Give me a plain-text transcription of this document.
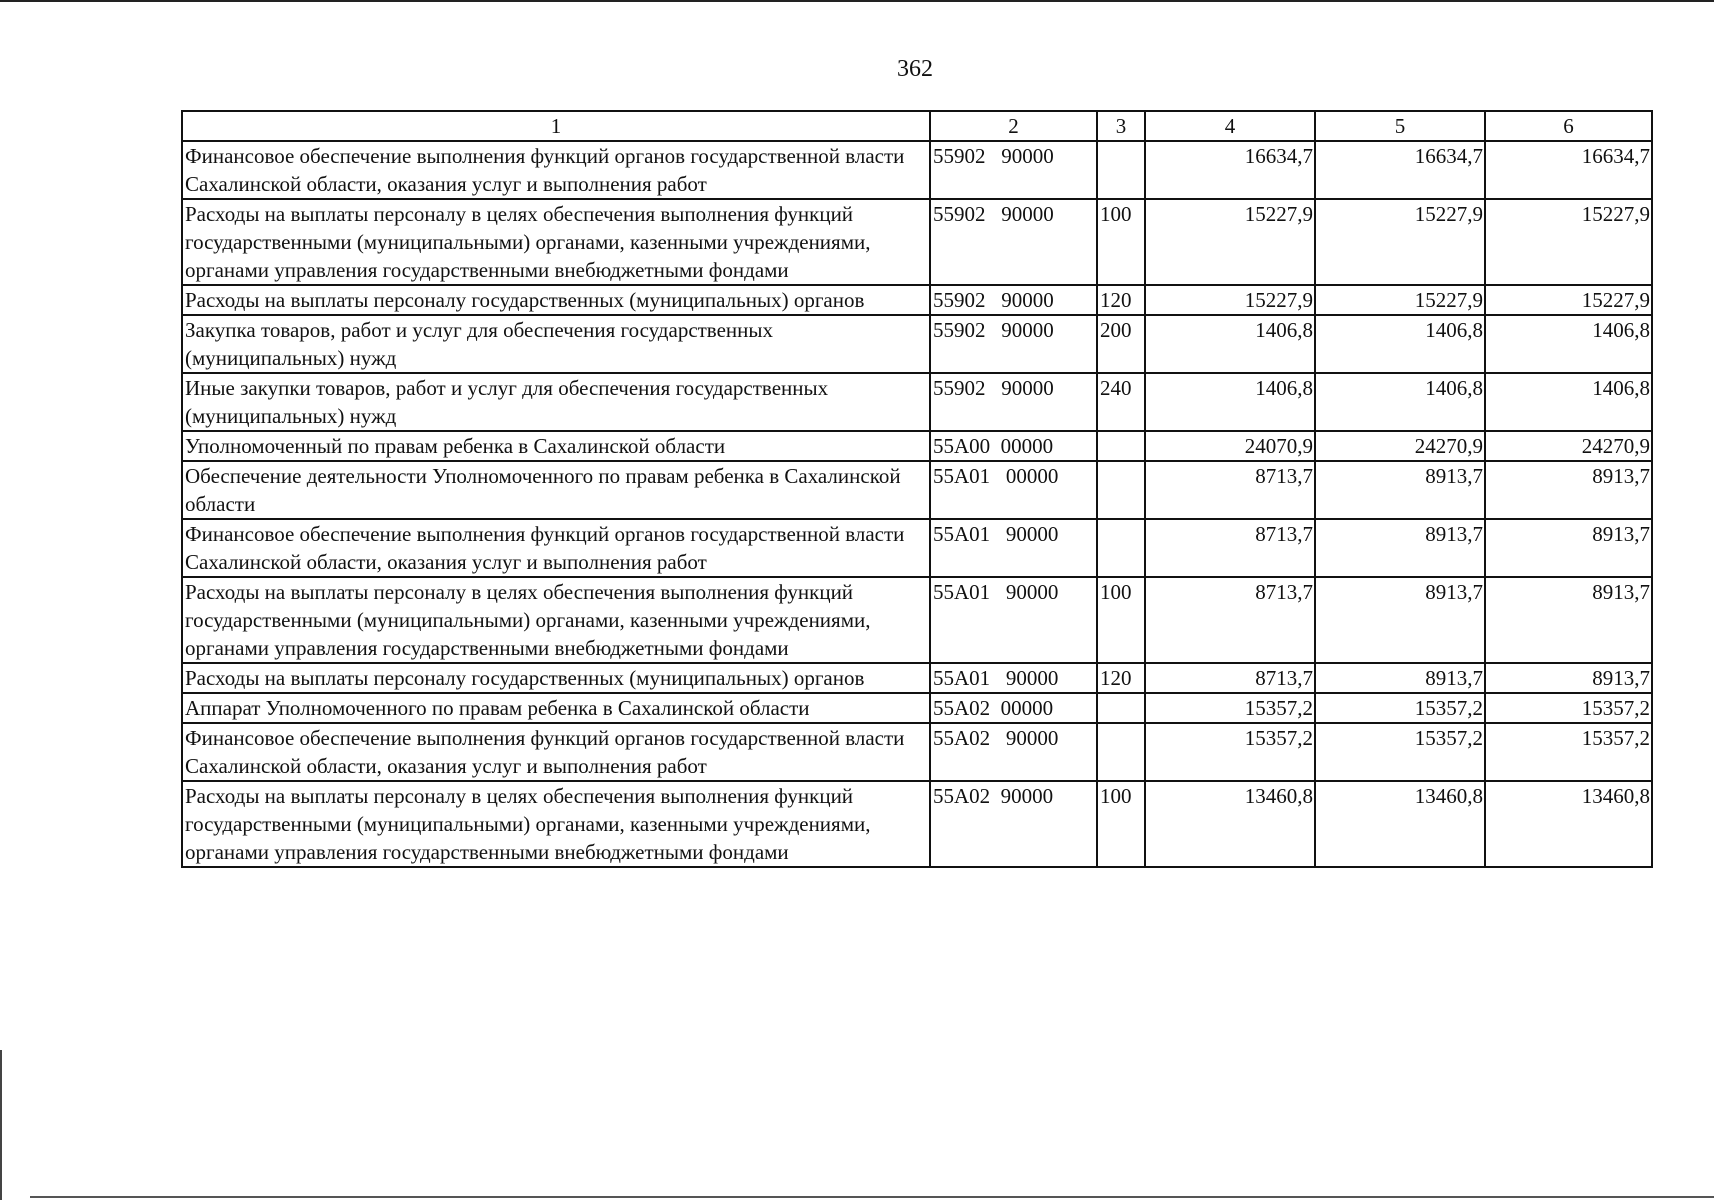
362
1	2	3	4	5	6
Финансовое обеспечение выполнения функций органов государственной власти Сахалинской области, оказания услуг и выполнения работ	55902   90000		16634,7	16634,7	16634,7
Расходы на выплаты персоналу в целях обеспечения выполнения функций государственными (муниципальными) органами, казенными учреждениями, органами управления государственными внебюджетными фондами	55902   90000	100	15227,9	15227,9	15227,9
Расходы на выплаты персоналу государственных (муниципальных) органов	55902   90000	120	15227,9	15227,9	15227,9
Закупка товаров, работ и услуг для обеспечения государственных (муниципальных) нужд	55902   90000	200	1406,8	1406,8	1406,8
Иные закупки товаров, работ и услуг для обеспечения государственных (муниципальных) нужд	55902   90000	240	1406,8	1406,8	1406,8
Уполномоченный по правам ребенка в Сахалинской области	55A00  00000		24070,9	24270,9	24270,9
Обеспечение деятельности Уполномоченного по правам ребенка в Сахалинской области	55A01   00000		8713,7	8913,7	8913,7
Финансовое обеспечение выполнения функций органов государственной власти Сахалинской области, оказания услуг и выполнения работ	55A01   90000		8713,7	8913,7	8913,7
Расходы на выплаты персоналу в целях обеспечения выполнения функций государственными (муниципальными) органами, казенными учреждениями, органами управления государственными внебюджетными фондами	55A01   90000	100	8713,7	8913,7	8913,7
Расходы на выплаты персоналу государственных (муниципальных) органов	55A01   90000	120	8713,7	8913,7	8913,7
Аппарат Уполномоченного по правам ребенка в Сахалинской области	55A02  00000		15357,2	15357,2	15357,2
Финансовое обеспечение выполнения функций органов государственной власти Сахалинской области, оказания услуг и выполнения работ	55A02   90000		15357,2	15357,2	15357,2
Расходы на выплаты персоналу в целях обеспечения выполнения функций государственными (муниципальными) органами, казенными учреждениями, органами управления государственными внебюджетными фондами	55A02  90000	100	13460,8	13460,8	13460,8
